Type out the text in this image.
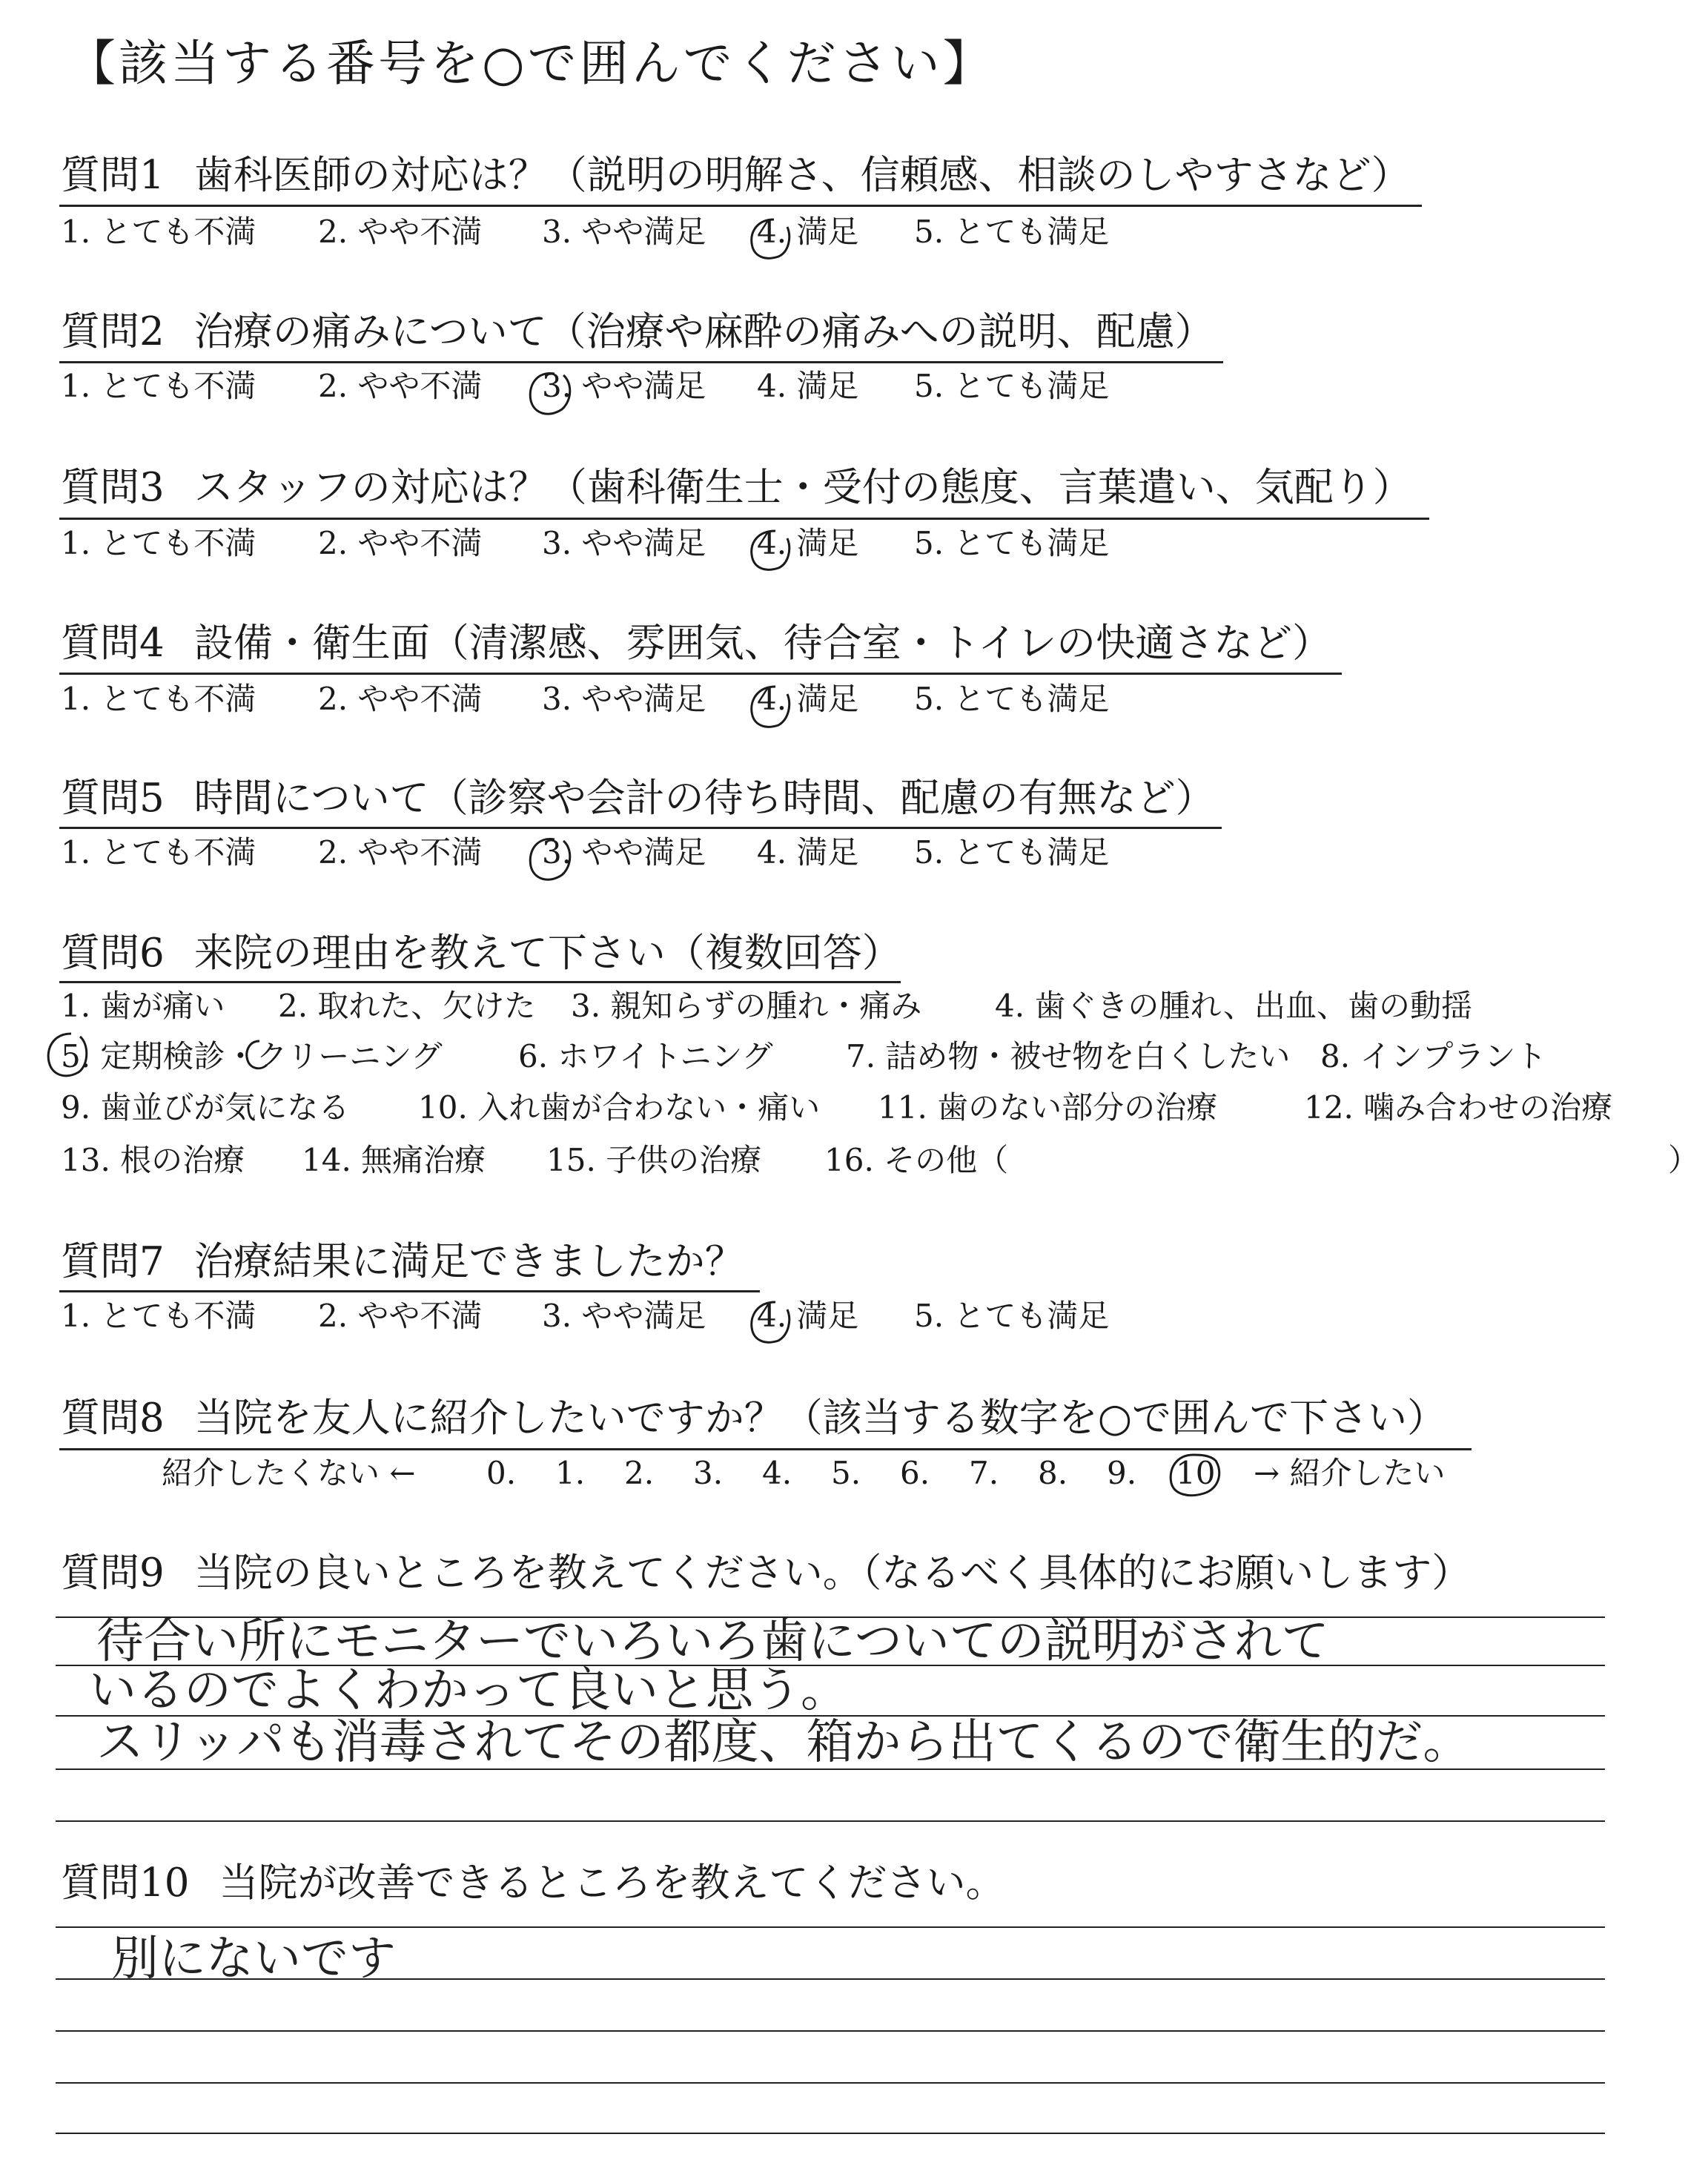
【該当する番号を○で囲んでください】
質問1 歯科医師の対応は？（説明の明解さ、信頼感、相談のしやすさなど）
1. とても不満 2. やや不満 3. やや満足 4. 満足 5. とても満足
質問2 治療の痛みについて（治療や麻酔の痛みへの説明、配慮）
1. とても不満 2. やや不満 3. やや満足 4. 満足 5. とても満足
質問3 スタッフの対応は？（歯科衛生士・受付の態度、言葉遣い、気配り）
1. とても不満 2. やや不満 3. やや満足 4. 満足 5. とても満足
質問4 設備・衛生面（清潔感、雰囲気、待合室・トイレの快適さなど）
1. とても不満 2. やや不満 3. やや満足 4. 満足 5. とても満足
質問5 時間について（診察や会計の待ち時間、配慮の有無など）
1. とても不満 2. やや不満 3. やや満足 4. 満足 5. とても満足
質問6 来院の理由を教えて下さい（複数回答）
1. 歯が痛い 2. 取れた、欠けた 3. 親知らずの腫れ・痛み 4. 歯ぐきの腫れ、出血、歯の動揺
5. 定期検診・クリーニング 6. ホワイトニング 7. 詰め物・被せ物を白くしたい 8. インプラント
9. 歯並びが気になる 10. 入れ歯が合わない・痛い 11. 歯のない部分の治療	12. 噛み合わせの治療
13. 根の治療 14. 無痛治療 15. 子供の治療 16. その他（	）
質問7 治療結果に満足できましたか？
1. とても不満 2. やや不満 3. やや満足 4. 満足 5. とても満足
質問8 当院を友人に紹介したいですか？（該当する数字を○で囲んで下さい）
紹介したくない ← 0. 1. 2. 3. 4. 5. 6. 7. 8. 9. 10 → 紹介したい
質問9 当院の良いところを教えてください。（なるべく具体的にお願いします）
待合い所にモニターでいろいろ歯についての説明がされて
いるのでよくわかって良いと思う。
スリッパも消毒されてその都度、箱から出てくるので衛生的だ。
質問10 当院が改善できるところを教えてください。
別にないです
